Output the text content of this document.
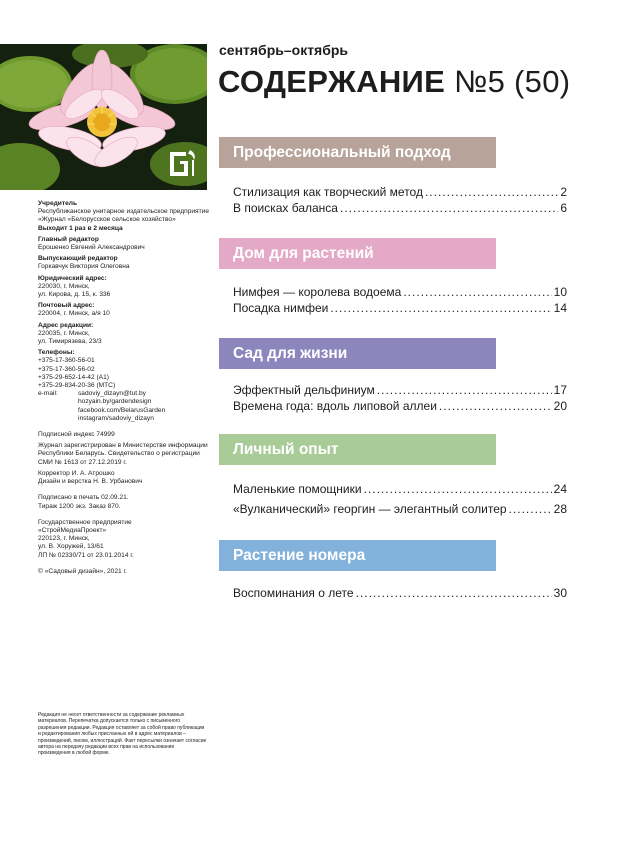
сентябрь–октябрь
СОДЕРЖАНИЕ №5 (50)
Учредитель
Республиканское унитарное издательское предприятие «Журнал «Белорусское сельское хозяйство»
Выходит 1 раз в 2 месяца
Главный редактор
Ерошенко Евгений Александрович
Выпускающий редактор
Горкавчук Виктория Олеговна
Юридический адрес:
220030, г. Минск,
ул. Кирова, д. 15, к. 336
Почтовый адрес:
220004, г. Минск, а/я 10
Адрес редакции:
220035, г. Минск,
ул. Тимирязева, 23/3
Телефоны:
+375-17-360-56-01
+375-17-360-56-02
+375-29-652-14-42 (А1)
+375-29-834-20-36 (МТС)
e-mail:	sadoviy_dizayn@tut.by
hozyain.by/gardendesign
facebook.com/BelarusGarden
instagram/sadoviy_dizayn
Подписной индекс 74999
Журнал зарегистрирован в Министерстве информации Республики Беларусь. Свидетельство о регистрации СМИ № 1613 от 27.12.2019 г.
Корректор И. А. Атрошко
Дизайн и верстка Н. В. Урбанович
Подписано в печать 02.09.21.
Тираж 1200 экз. Заказ 870.
Государственное предприятие
«СтройМедиаПроект»
220123, г. Минск,
ул. В. Хоружей, 13/61
ЛП № 02330/71 от 23.01.2014 г.
© «Садовый дизайн», 2021 г.
Редакция не несет ответственности за содержание рекламных материалов. Перепечатка допускается только с письменного разрешения редакции. Редакция оставляет за собой право публикации и редактирования любых присланных ей в адрес материалов – произведений, писем, иллюстраций. Факт пересылки означает согласие автора на передачу редакции всех прав на использование произведения в любой форме.
Профессиональный подход
Стилизация как творческий метод .....	2
В поисках баланса .....	6
Дом для растений
Нимфея — королева водоема .....	10
Посадка нимфеи .....	14
Сад для жизни
Эффектный дельфиниум .....	17
Времена года: вдоль липовой аллеи .....	20
Личный опыт
Маленькие помощники .....	24
«Вулканический» георгин — элегантный солитер .....	28
Растение номера
Воспоминания о лете .....	30
